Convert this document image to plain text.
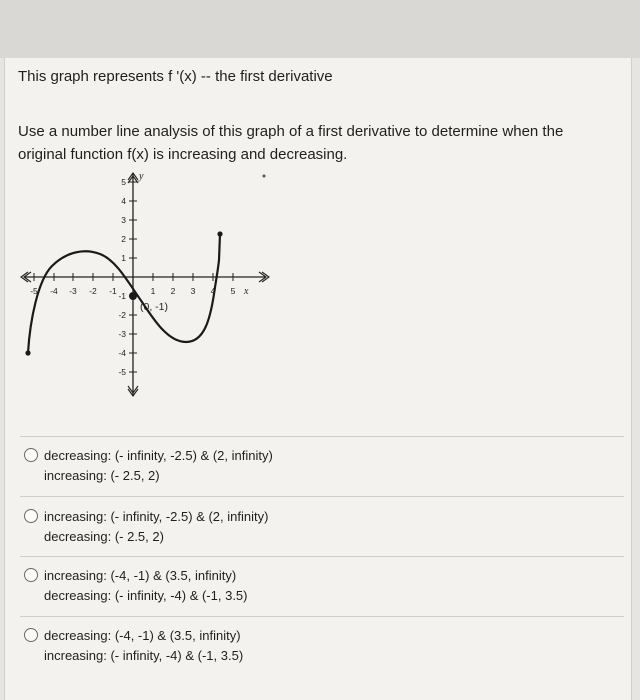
This graph represents f '(x) -- the first derivative
Use a number line analysis of this graph of a first derivative to determine when the original function f(x) is increasing and decreasing.
-5 -4 -3 -2 -1	1 2 3 4 5
5
4
3
2
1
-1
-2
-3
-4
-5
y
x
(0, -1)
decreasing: (- infinity, -2.5) & (2, infinity)
increasing: (- 2.5, 2)
increasing: (- infinity, -2.5) & (2, infinity)
decreasing: (- 2.5, 2)
increasing: (-4, -1) & (3.5, infinity)
decreasing: (- infinity, -4) & (-1, 3.5)
decreasing: (-4, -1) & (3.5, infinity)
increasing: (- infinity, -4) & (-1, 3.5)
